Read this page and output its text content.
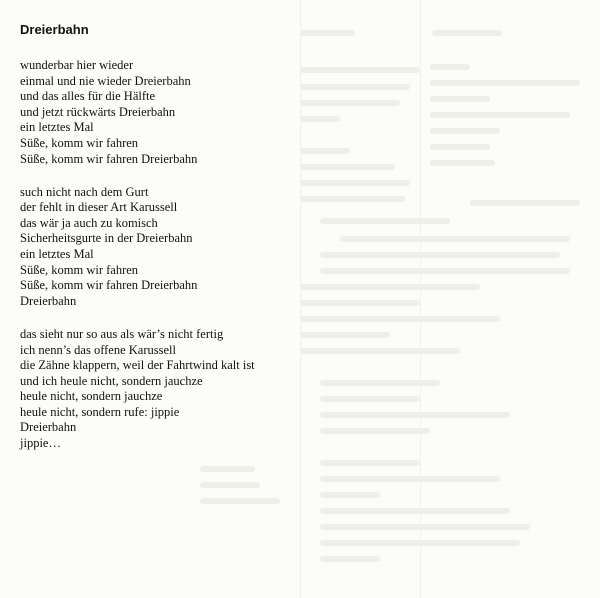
Dreierbahn
wunderbar hier wieder
einmal und nie wieder Dreierbahn
und das alles für die Hälfte
und jetzt rückwärts Dreierbahn
ein letztes Mal
Süße, komm wir fahren
Süße, komm wir fahren Dreierbahn
such nicht nach dem Gurt
der fehlt in dieser Art Karussell
das wär ja auch zu komisch
Sicherheitsgurte in der Dreierbahn
ein letztes Mal
Süße, komm wir fahren
Süße, komm wir fahren Dreierbahn
Dreierbahn
das sieht nur so aus als wär’s nicht fertig
ich nenn’s das offene Karussell
die Zähne klappern, weil der Fahrtwind kalt ist
und ich heule nicht, sondern jauchze
heule nicht, sondern jauchze
heule nicht, sondern rufe: jippie
Dreierbahn
jippie…
